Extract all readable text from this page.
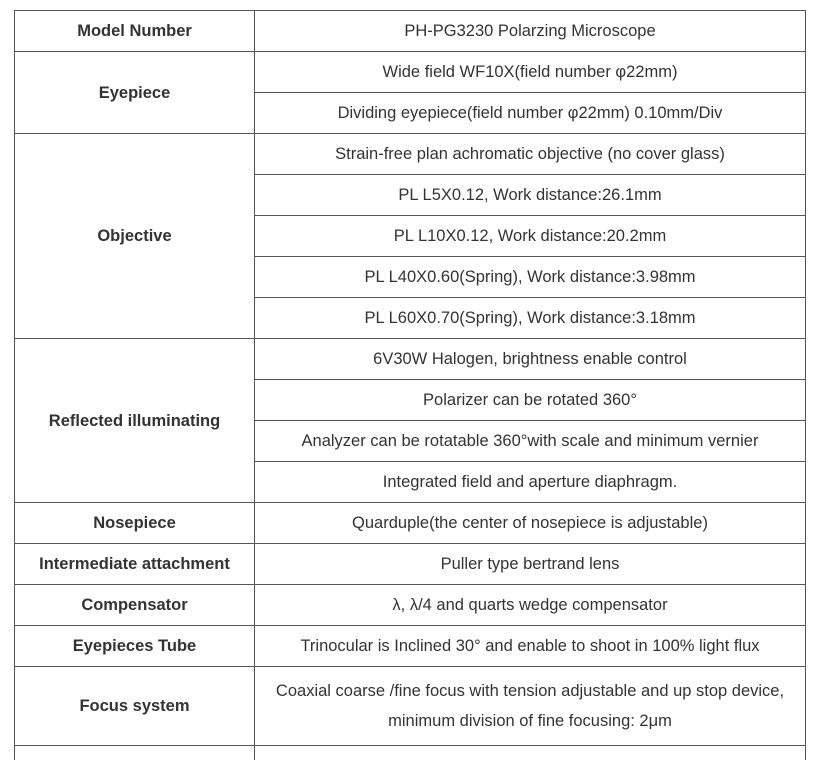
Model Number	PH-PG3230 Polarzing Microscope
Eyepiece	Wide field WF10X(field number φ22mm)
	Dividing eyepiece(field number φ22mm) 0.10mm/Div
Objective	Strain-free plan achromatic objective (no cover glass)
	PL L5X0.12, Work distance:26.1mm
	PL L10X0.12, Work distance:20.2mm
	PL L40X0.60(Spring), Work distance:3.98mm
	PL L60X0.70(Spring), Work distance:3.18mm
Reflected illuminating	6V30W Halogen, brightness enable control
	Polarizer can be rotated 360°
	Analyzer can be rotatable 360°with scale and minimum vernier
	Integrated field and aperture diaphragm.
Nosepiece	Quarduple(the center of nosepiece is adjustable)
Intermediate attachment	Puller type bertrand lens
Compensator	λ, λ/4 and quarts wedge compensator
Eyepieces Tube	Trinocular is Inclined 30° and enable to shoot in 100% light flux
Focus system	Coaxial coarse /fine focus with tension adjustable and up stop device,
minimum division of fine focusing: 2μm
